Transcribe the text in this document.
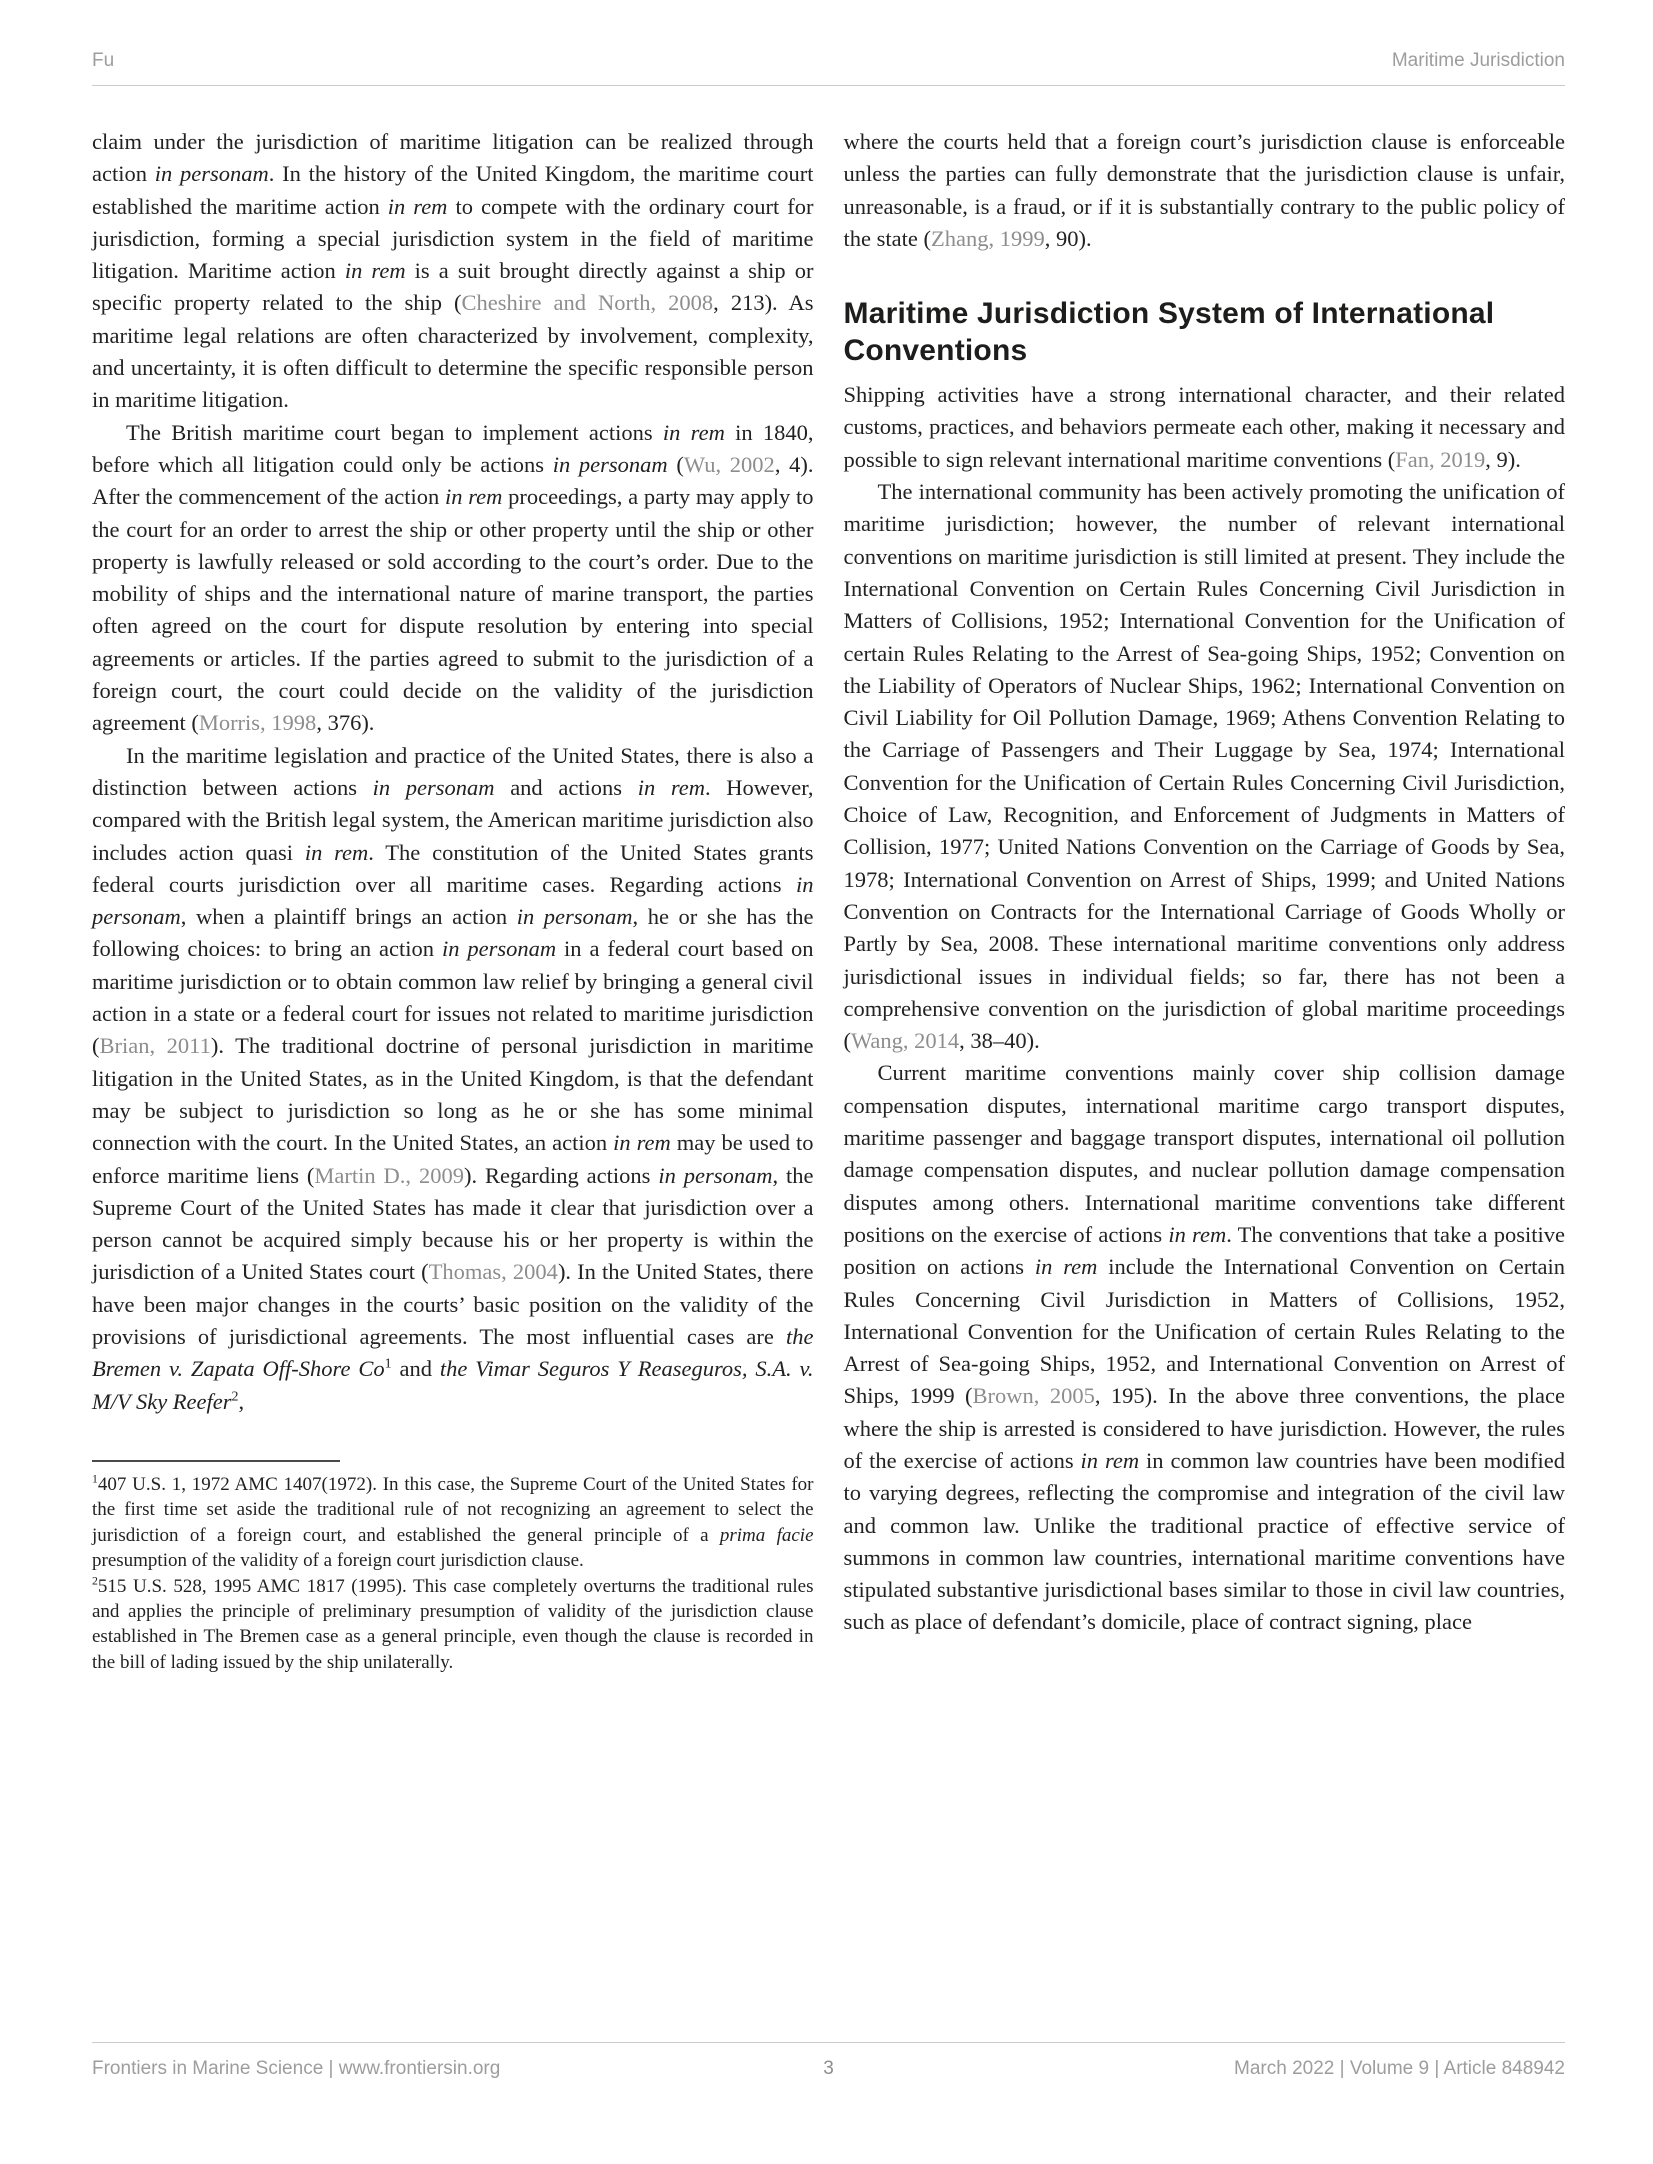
Fu	Maritime Jurisdiction

claim under the jurisdiction of maritime litigation can be realized through action in personam. In the history of the United Kingdom, the maritime court established the maritime action in rem to compete with the ordinary court for jurisdiction, forming a special jurisdiction system in the field of maritime litigation. Maritime action in rem is a suit brought directly against a ship or specific property related to the ship (Cheshire and North, 2008, 213). As maritime legal relations are often characterized by involvement, complexity, and uncertainty, it is often difficult to determine the specific responsible person in maritime litigation.

The British maritime court began to implement actions in rem in 1840, before which all litigation could only be actions in personam (Wu, 2002, 4). After the commencement of the action in rem proceedings, a party may apply to the court for an order to arrest the ship or other property until the ship or other property is lawfully released or sold according to the court’s order. Due to the mobility of ships and the international nature of marine transport, the parties often agreed on the court for dispute resolution by entering into special agreements or articles. If the parties agreed to submit to the jurisdiction of a foreign court, the court could decide on the validity of the jurisdiction agreement (Morris, 1998, 376).

In the maritime legislation and practice of the United States, there is also a distinction between actions in personam and actions in rem. However, compared with the British legal system, the American maritime jurisdiction also includes action quasi in rem. The constitution of the United States grants federal courts jurisdiction over all maritime cases. Regarding actions in personam, when a plaintiff brings an action in personam, he or she has the following choices: to bring an action in personam in a federal court based on maritime jurisdiction or to obtain common law relief by bringing a general civil action in a state or a federal court for issues not related to maritime jurisdiction (Brian, 2011). The traditional doctrine of personal jurisdiction in maritime litigation in the United States, as in the United Kingdom, is that the defendant may be subject to jurisdiction so long as he or she has some minimal connection with the court. In the United States, an action in rem may be used to enforce maritime liens (Martin D., 2009). Regarding actions in personam, the Supreme Court of the United States has made it clear that jurisdiction over a person cannot be acquired simply because his or her property is within the jurisdiction of a United States court (Thomas, 2004). In the United States, there have been major changes in the courts’ basic position on the validity of the provisions of jurisdictional agreements. The most influential cases are the Bremen v. Zapata Off-Shore Co$^1$ and the Vimar Seguros Y Reaseguros, S.A. v. M/V Sky Reefer$^2$,

$^1$407 U.S. 1, 1972 AMC 1407(1972). In this case, the Supreme Court of the United States for the first time set aside the traditional rule of not recognizing an agreement to select the jurisdiction of a foreign court, and established the general principle of a prima facie presumption of the validity of a foreign court jurisdiction clause.

$^2$515 U.S. 528, 1995 AMC 1817 (1995). This case completely overturns the traditional rules and applies the principle of preliminary presumption of validity of the jurisdiction clause established in The Bremen case as a general principle, even though the clause is recorded in the bill of lading issued by the ship unilaterally.

where the courts held that a foreign court’s jurisdiction clause is enforceable unless the parties can fully demonstrate that the jurisdiction clause is unfair, unreasonable, is a fraud, or if it is substantially contrary to the public policy of the state (Zhang, 1999, 90).

Maritime Jurisdiction System of International Conventions

Shipping activities have a strong international character, and their related customs, practices, and behaviors permeate each other, making it necessary and possible to sign relevant international maritime conventions (Fan, 2019, 9).

The international community has been actively promoting the unification of maritime jurisdiction; however, the number of relevant international conventions on maritime jurisdiction is still limited at present. They include the International Convention on Certain Rules Concerning Civil Jurisdiction in Matters of Collisions, 1952; International Convention for the Unification of certain Rules Relating to the Arrest of Sea-going Ships, 1952; Convention on the Liability of Operators of Nuclear Ships, 1962; International Convention on Civil Liability for Oil Pollution Damage, 1969; Athens Convention Relating to the Carriage of Passengers and Their Luggage by Sea, 1974; International Convention for the Unification of Certain Rules Concerning Civil Jurisdiction, Choice of Law, Recognition, and Enforcement of Judgments in Matters of Collision, 1977; United Nations Convention on the Carriage of Goods by Sea, 1978; International Convention on Arrest of Ships, 1999; and United Nations Convention on Contracts for the International Carriage of Goods Wholly or Partly by Sea, 2008. These international maritime conventions only address jurisdictional issues in individual fields; so far, there has not been a comprehensive convention on the jurisdiction of global maritime proceedings (Wang, 2014, 38–40).

Current maritime conventions mainly cover ship collision damage compensation disputes, international maritime cargo transport disputes, maritime passenger and baggage transport disputes, international oil pollution damage compensation disputes, and nuclear pollution damage compensation disputes among others. International maritime conventions take different positions on the exercise of actions in rem. The conventions that take a positive position on actions in rem include the International Convention on Certain Rules Concerning Civil Jurisdiction in Matters of Collisions, 1952, International Convention for the Unification of certain Rules Relating to the Arrest of Sea-going Ships, 1952, and International Convention on Arrest of Ships, 1999 (Brown, 2005, 195). In the above three conventions, the place where the ship is arrested is considered to have jurisdiction. However, the rules of the exercise of actions in rem in common law countries have been modified to varying degrees, reflecting the compromise and integration of the civil law and common law. Unlike the traditional practice of effective service of summons in common law countries, international maritime conventions have stipulated substantive jurisdictional bases similar to those in civil law countries, such as place of defendant’s domicile, place of contract signing, place

Frontiers in Marine Science | www.frontiersin.org	3	March 2022 | Volume 9 | Article 848942
